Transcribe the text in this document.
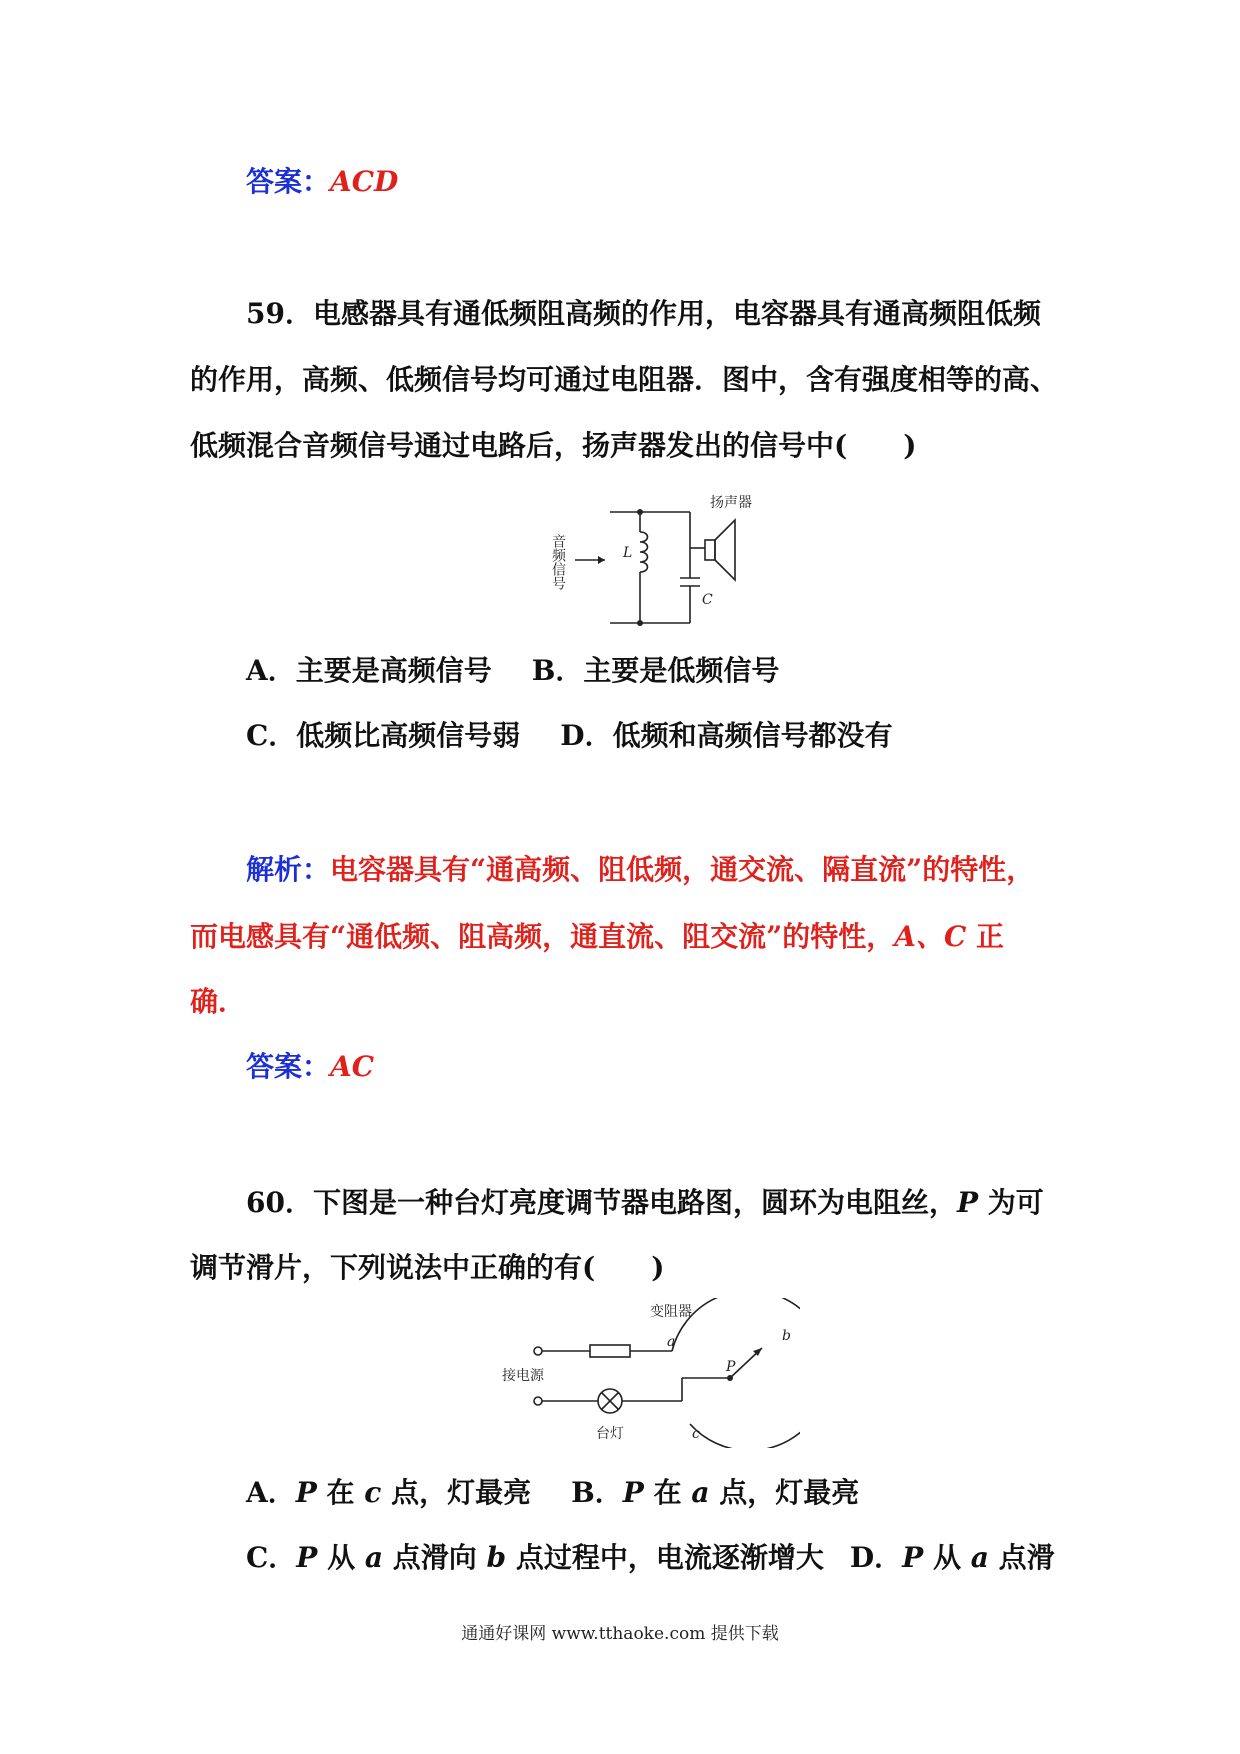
答案：ACD
59．电感器具有通低频阻高频的作用，电容器具有通高频阻低频
的作用，高频、低频信号均可通过电阻器．图中，含有强度相等的高、
低频混合音频信号通过电路后，扬声器发出的信号中(　　)
扬声器
音频信号	L
C
A．主要是高频信号 B．主要是低频信号
C．低频比高频信号弱 D．低频和高频信号都没有
解析：电容器具有“通高频、阻低频，通交流、隔直流”的特性，
而电感具有“通低频、阻高频，通直流、阻交流”的特性，A、C 正
确．
答案：AC
60．下图是一种台灯亮度调节器电路图，圆环为电阻丝，P 为可
调节滑片，下列说法中正确的有(　　)
变阻器
接电源
台灯
a	b
c
P
A．P 在 c 点，灯最亮 B．P 在 a 点，灯最亮
C．P 从 a 点滑向 b 点过程中，电流逐渐增大 D．P 从 a 点滑
通通好课网 www.tthaoke.com 提供下载
